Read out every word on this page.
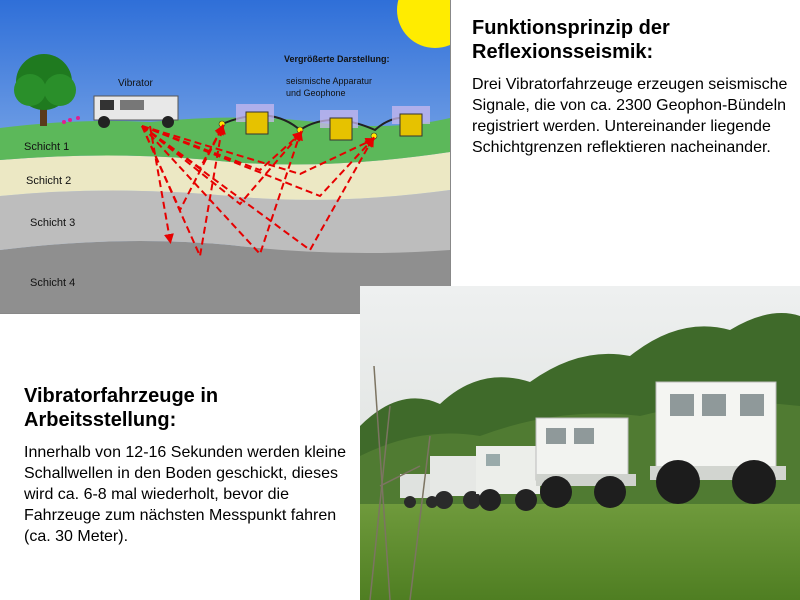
Vibrator
Vergrößerte Darstellung:
seismische Apparatur
und Geophone
Schicht 1
Schicht 2
Schicht 3
Schicht 4
Funktionsprinzip der
Reflexionsseismik:
Drei Vibratorfahrzeuge erzeugen seismische Signale, die von ca. 2300 Geophon-Bündeln registriert werden. Untereinander liegende Schichtgrenzen reflektieren nacheinander.
Vibratorfahrzeuge in
Arbeitsstellung:
Innerhalb von 12-16 Sekunden werden kleine Schallwellen in den Boden geschickt, dieses wird ca. 6-8 mal wiederholt, bevor die Fahrzeuge zum nächsten Messpunkt fahren (ca. 30 Meter).
